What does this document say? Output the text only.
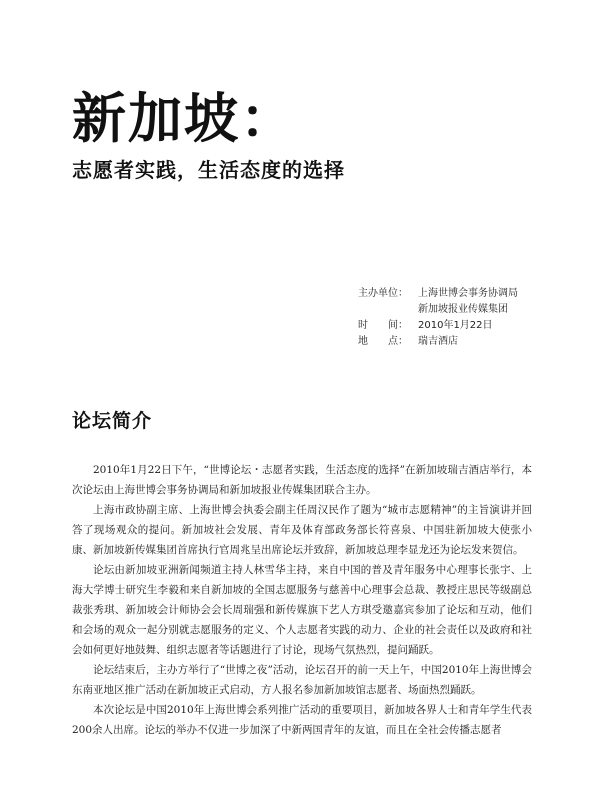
新加坡：
志愿者实践，生活态度的选择
主办单位：	上海世博会事务协调局
新加坡报业传媒集团
时　　间：	2010年1月22日
地　　点：	瑞吉酒店
论坛简介

2010年1月22日下午，“世博论坛・志愿者实践，生活态度的选择”在新加坡瑞吉酒店举行，本次论坛由上海世博会事务协调局和新加坡报业传媒集团联合主办。

上海市政协副主席、上海世博会执委会副主任周汉民作了题为“城市志愿精神”的主旨演讲并回答了现场观众的提问。新加坡社会发展、青年及体育部政务部长符喜泉、中国驻新加坡大使张小康、新加坡新传媒集团首席执行官周兆呈出席论坛并致辞，新加坡总理李显龙还为论坛发来贺信。

论坛由新加坡亚洲新闻频道主持人林雪华主持，来自中国的普及青年服务中心理事长张宇、上海大学博士研究生李毅和来自新加坡的全国志愿服务与慈善中心理事会总裁、教授庄思民等级副总裁张秀琪、新加坡会计师协会会长周瑞强和新传媒旗下艺人方琪受邀嘉宾参加了论坛和互动，他们和会场的观众一起分别就志愿服务的定义、个人志愿者实践的动力、企业的社会责任以及政府和社会如何更好地鼓舞、组织志愿者等话题进行了讨论，现场气氛热烈，提问踊跃。

论坛结束后，主办方举行了“世博之夜”活动，论坛召开的前一天上午，中国2010年上海世博会东南亚地区推广活动在新加坡正式启动，方人报名参加新加坡馆志愿者、场面热烈踊跃。

本次论坛是中国2010年上海世博会系列推广活动的重要项目，新加坡各界人士和青年学生代表200余人出席。论坛的举办不仅进一步加深了中新两国青年的友谊，而且在全社会传播志愿者
